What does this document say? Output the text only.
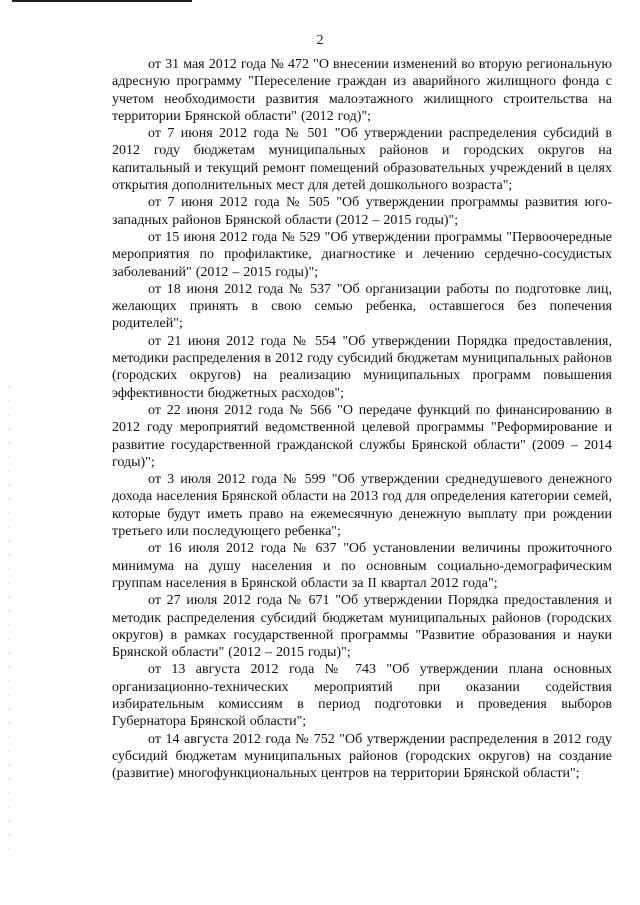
2

от 31 мая 2012 года № 472 "О внесении изменений во вторую региональную адресную программу "Переселение граждан из аварийного жилищного фонда с учетом необходимости развития малоэтажного жилищного строительства на территории Брянской области" (2012 год)";

от 7 июня 2012 года № 501 "Об утверждении распределения субсидий в 2012 году бюджетам муниципальных районов и городских округов на капитальный и текущий ремонт помещений образовательных учреждений в целях открытия дополнительных мест для детей дошкольного возраста";

от 7 июня 2012 года № 505 "Об утверждении программы развития юго-западных районов Брянской области (2012 – 2015 годы)";

от 15 июня 2012 года № 529 "Об утверждении программы "Первоочередные мероприятия по профилактике, диагностике и лечению сердечно-сосудистых заболеваний" (2012 – 2015 годы)";

от 18 июня 2012 года № 537 "Об организации работы по подготовке лиц, желающих принять в свою семью ребенка, оставшегося без попечения родителей";

от 21 июня 2012 года № 554 "Об утверждении Порядка предоставления, методики распределения в 2012 году субсидий бюджетам муниципальных районов (городских округов) на реализацию муниципальных программ повышения эффективности бюджетных расходов";

от 22 июня 2012 года № 566 "О передаче функций по финансированию в 2012 году мероприятий ведомственной целевой программы "Реформирование и развитие государственной гражданской службы Брянской области" (2009 – 2014 годы)";

от 3 июля 2012 года № 599 "Об утверждении среднедушевого денежного дохода населения Брянской области на 2013 год для определения категории семей, которые будут иметь право на ежемесячную денежную выплату при рождении третьего или последующего ребенка";

от 16 июля 2012 года № 637 "Об установлении величины прожиточного минимума на душу населения и по основным социально-демографическим группам населения в Брянской области за II квартал 2012 года";

от 27 июля 2012 года № 671 "Об утверждении Порядка предоставления и методик распределения субсидий бюджетам муниципальных районов (городских округов) в рамках государственной программы "Развитие образования и науки Брянской области" (2012 – 2015 годы)";

от 13 августа 2012 года № 743 "Об утверждении плана основных организационно-технических мероприятий при оказании содействия избирательным комиссиям в период подготовки и проведения выборов Губернатора Брянской области";

от 14 августа 2012 года № 752 "Об утверждении распределения в 2012 году субсидий бюджетам муниципальных районов (городских округов) на создание (развитие) многофункциональных центров на территории Брянской области";
